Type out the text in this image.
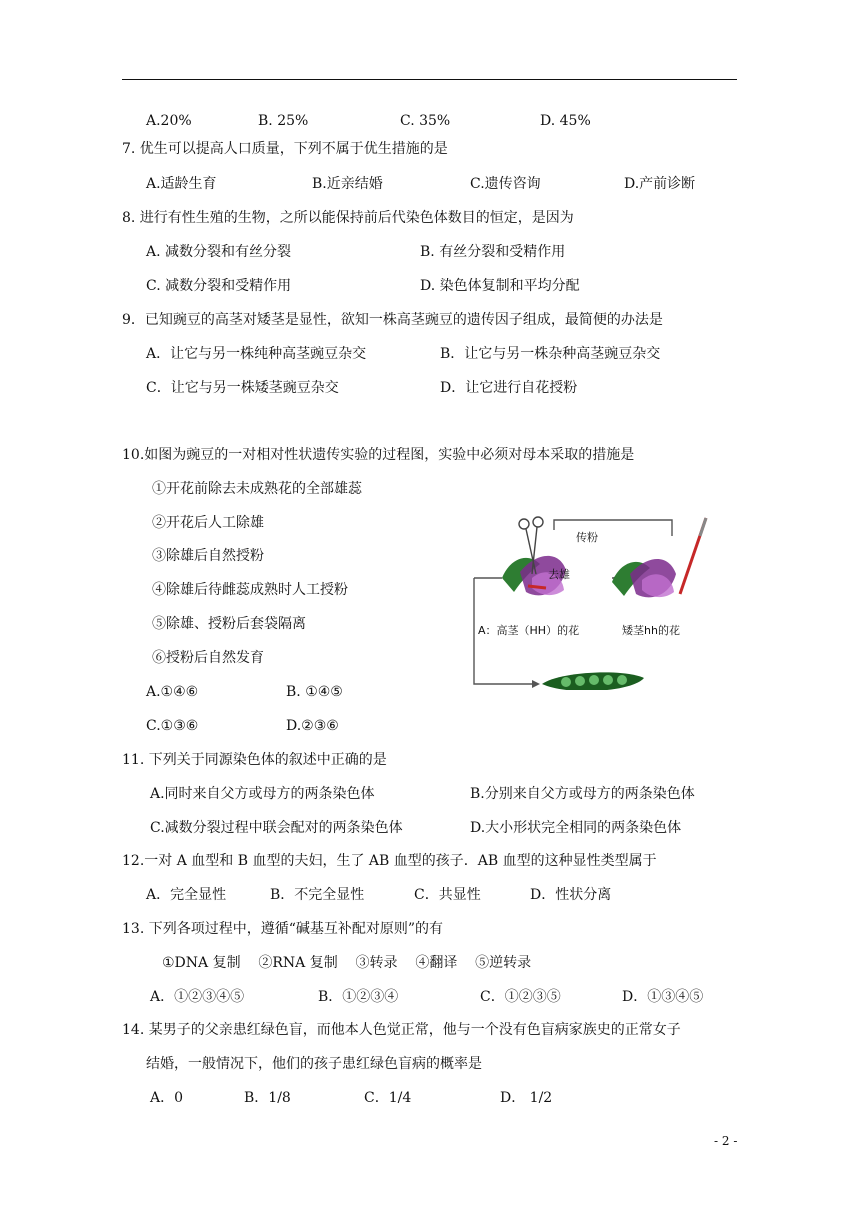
A.20%	B. 25%	C. 35%	D. 45%
7. 优生可以提高人口质量，下列不属于优生措施的是
A.适龄生育	B.近亲结婚	C.遗传咨询	D.产前诊断
8. 进行有性生殖的生物，之所以能保持前后代染色体数目的恒定，是因为
A. 减数分裂和有丝分裂	B. 有丝分裂和受精作用
C. 减数分裂和受精作用	D. 染色体复制和平均分配
9．已知豌豆的高茎对矮茎是显性，欲知一株高茎豌豆的遗传因子组成，最简便的办法是
A．让它与另一株纯种高茎豌豆杂交	B．让它与另一株杂种高茎豌豆杂交
C．让它与另一株矮茎豌豆杂交	D．让它进行自花授粉
10.如图为豌豆的一对相对性状遗传实验的过程图，实验中必须对母本采取的措施是
①开花前除去未成熟花的全部雄蕊
②开花后人工除雄
③除雄后自然授粉
④除雄后待雌蕊成熟时人工授粉
⑤除雄、授粉后套袋隔离
⑥授粉后自然发育
A.①④⑥	B. ①④⑤
C.①③⑥	D.②③⑥
传粉
去雄
A：高茎（HH）的花	矮茎hh的花
11. 下列关于同源染色体的叙述中正确的是
A.同时来自父方或母方的两条染色体	B.分别来自父方或母方的两条染色体
C.减数分裂过程中联会配对的两条染色体	D.大小形状完全相同的两条染色体
12.一对 A 血型和 B 血型的夫妇，生了 AB 血型的孩子．AB 血型的这种显性类型属于
A．完全显性	B．不完全显性	C．共显性	D．性状分离
13. 下列各项过程中，遵循“碱基互补配对原则”的有
①DNA 复制    ②RNA 复制    ③转录    ④翻译    ⑤逆转录
A．①②③④⑤	B．①②③④	C．①②③⑤	D．①③④⑤
14. 某男子的父亲患红绿色盲，而他本人色觉正常，他与一个没有色盲病家族史的正常女子
结婚，一般情况下，他们的孩子患红绿色盲病的概率是
A．0	B．1/8	C．1/4	D． 1/2
- 2 -
